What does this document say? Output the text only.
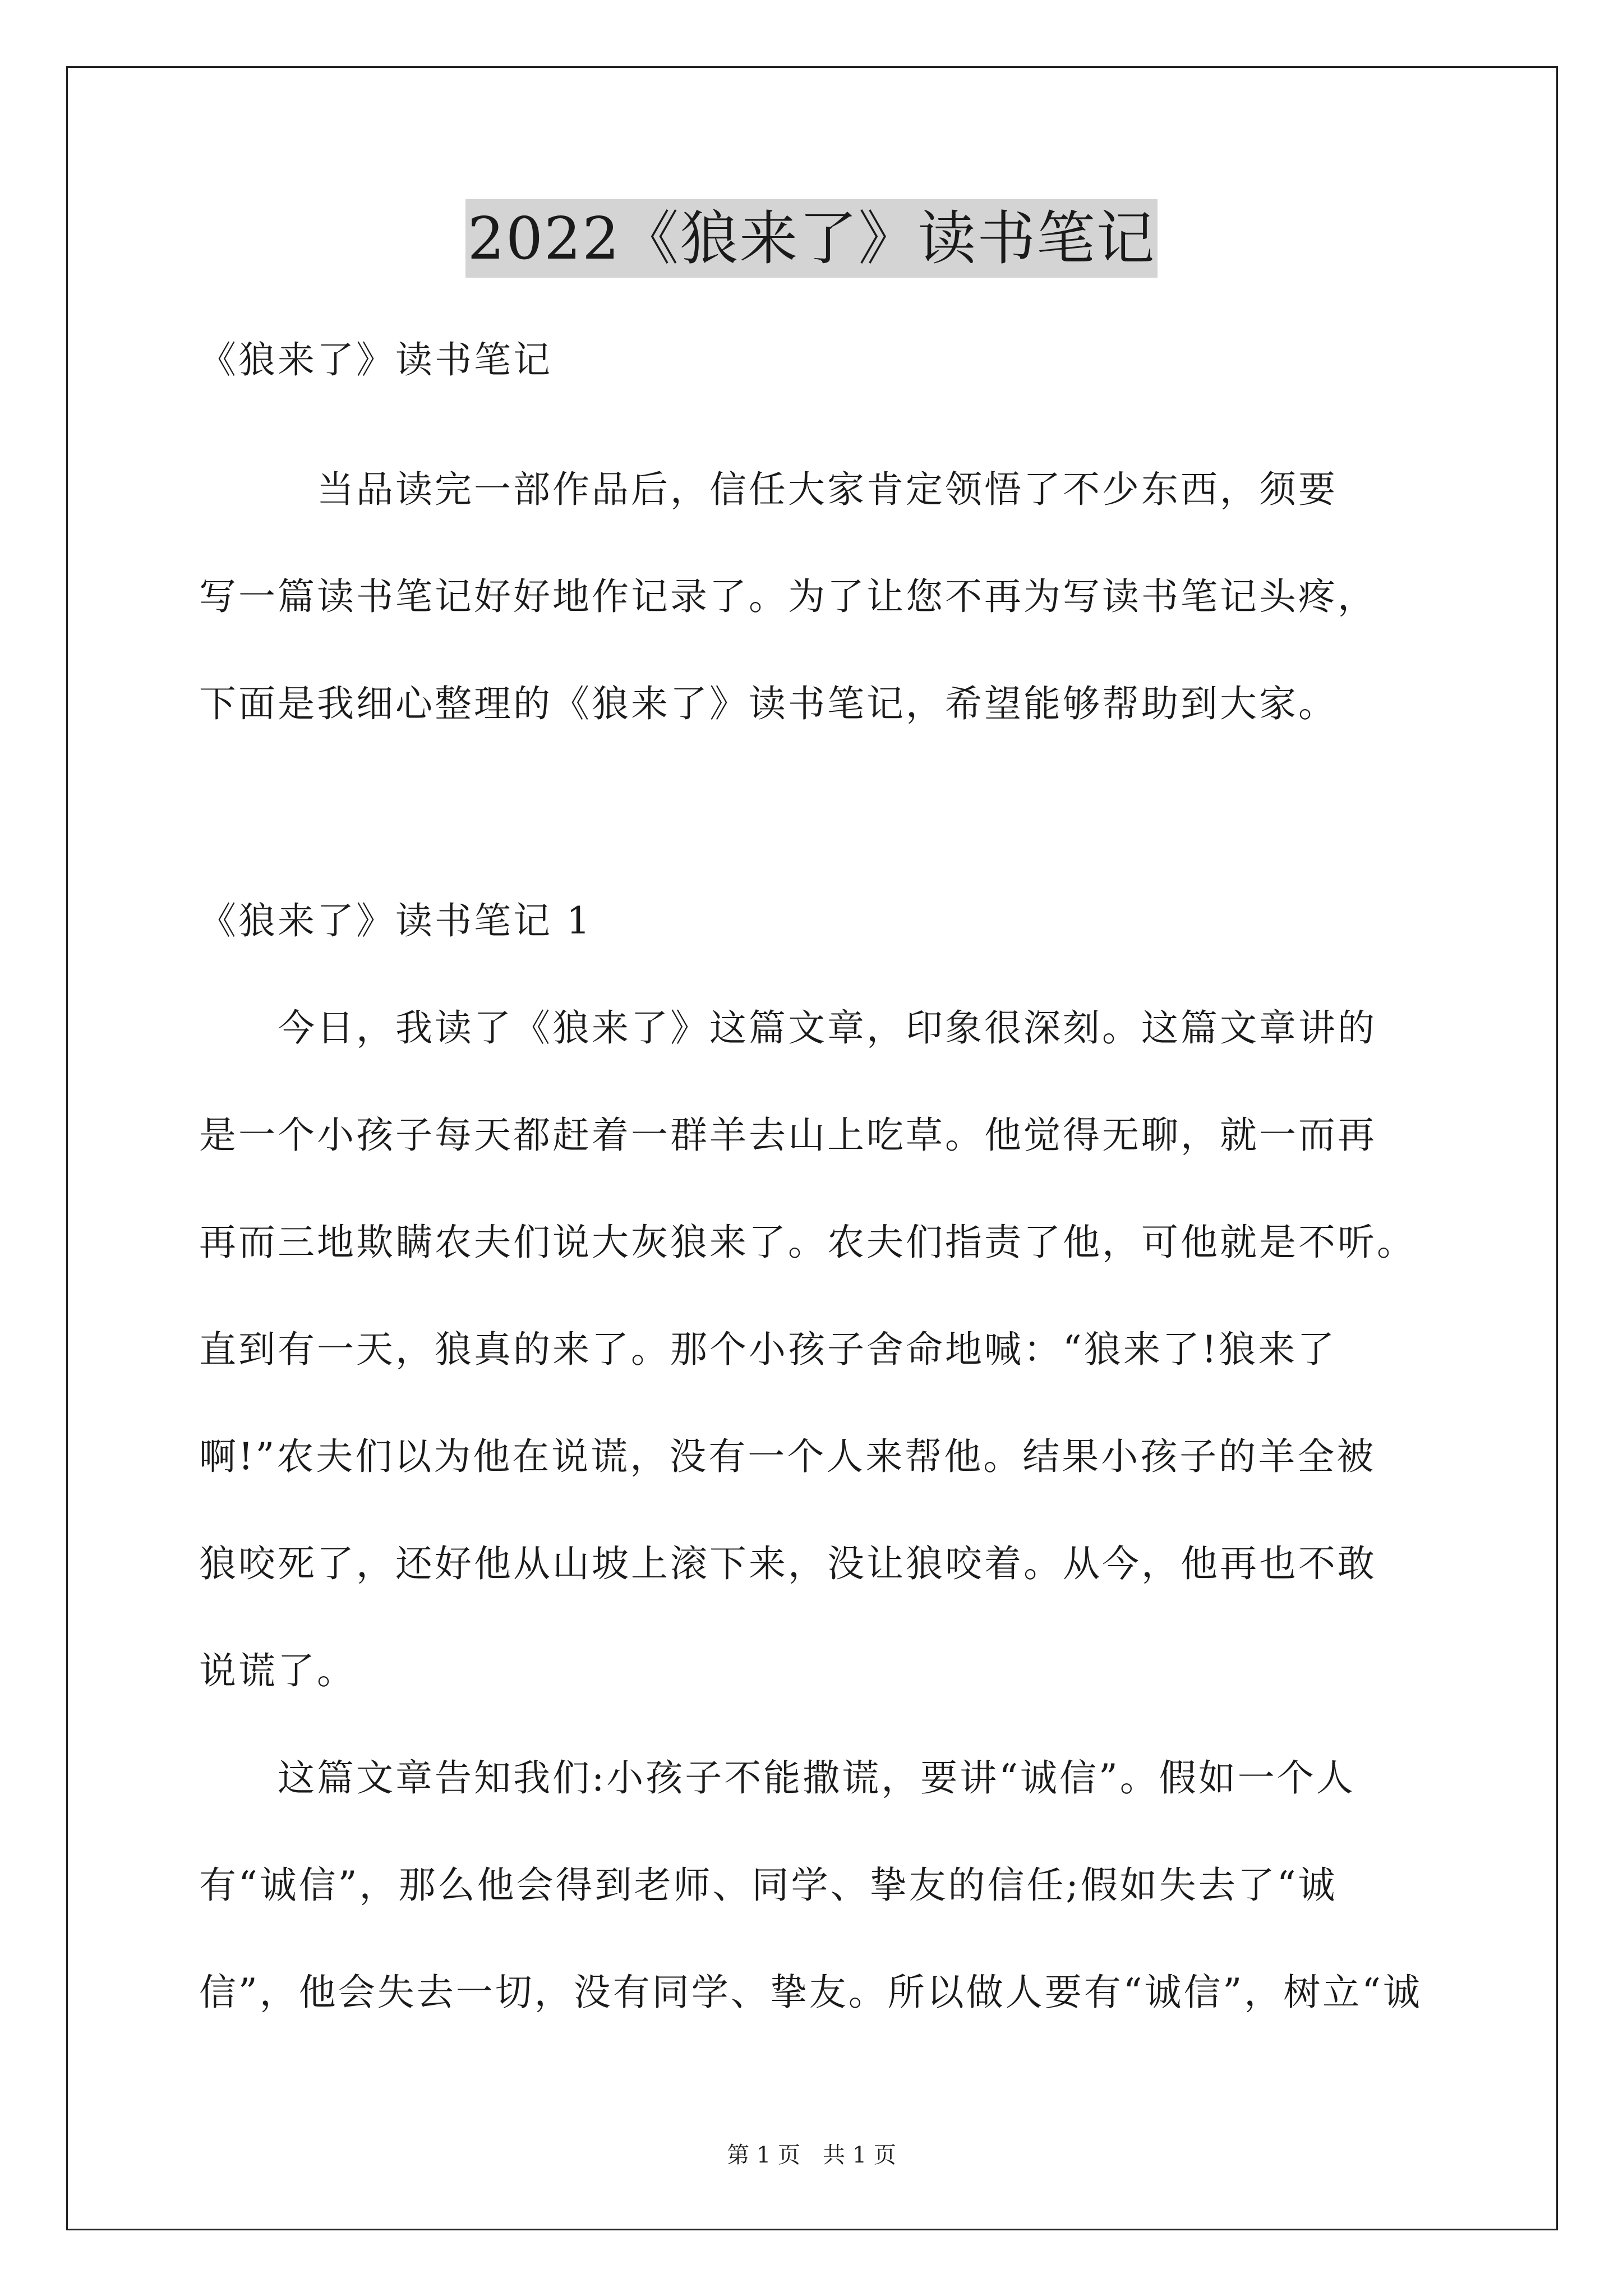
2022《狼来了》读书笔记
《狼来了》读书笔记
　　　当品读完一部作品后，信任大家肯定领悟了不少东西，须要
写一篇读书笔记好好地作记录了。为了让您不再为写读书笔记头疼，
下面是我细心整理的《狼来了》读书笔记，希望能够帮助到大家。
《狼来了》读书笔记 1
　　今日，我读了《狼来了》这篇文章，印象很深刻。这篇文章讲的
是一个小孩子每天都赶着一群羊去山上吃草。他觉得无聊，就一而再
再而三地欺瞒农夫们说大灰狼来了。农夫们指责了他，可他就是不听。
直到有一天，狼真的来了。那个小孩子舍命地喊：“狼来了!狼来了
啊!”农夫们以为他在说谎，没有一个人来帮他。结果小孩子的羊全被
狼咬死了，还好他从山坡上滚下来，没让狼咬着。从今，他再也不敢
说谎了。
　　这篇文章告知我们:小孩子不能撒谎，要讲“诚信”。假如一个人
有“诚信”，那么他会得到老师、同学、挚友的信任;假如失去了“诚
信”，他会失去一切，没有同学、挚友。所以做人要有“诚信”，树立“诚
第 1 页　共 1 页
